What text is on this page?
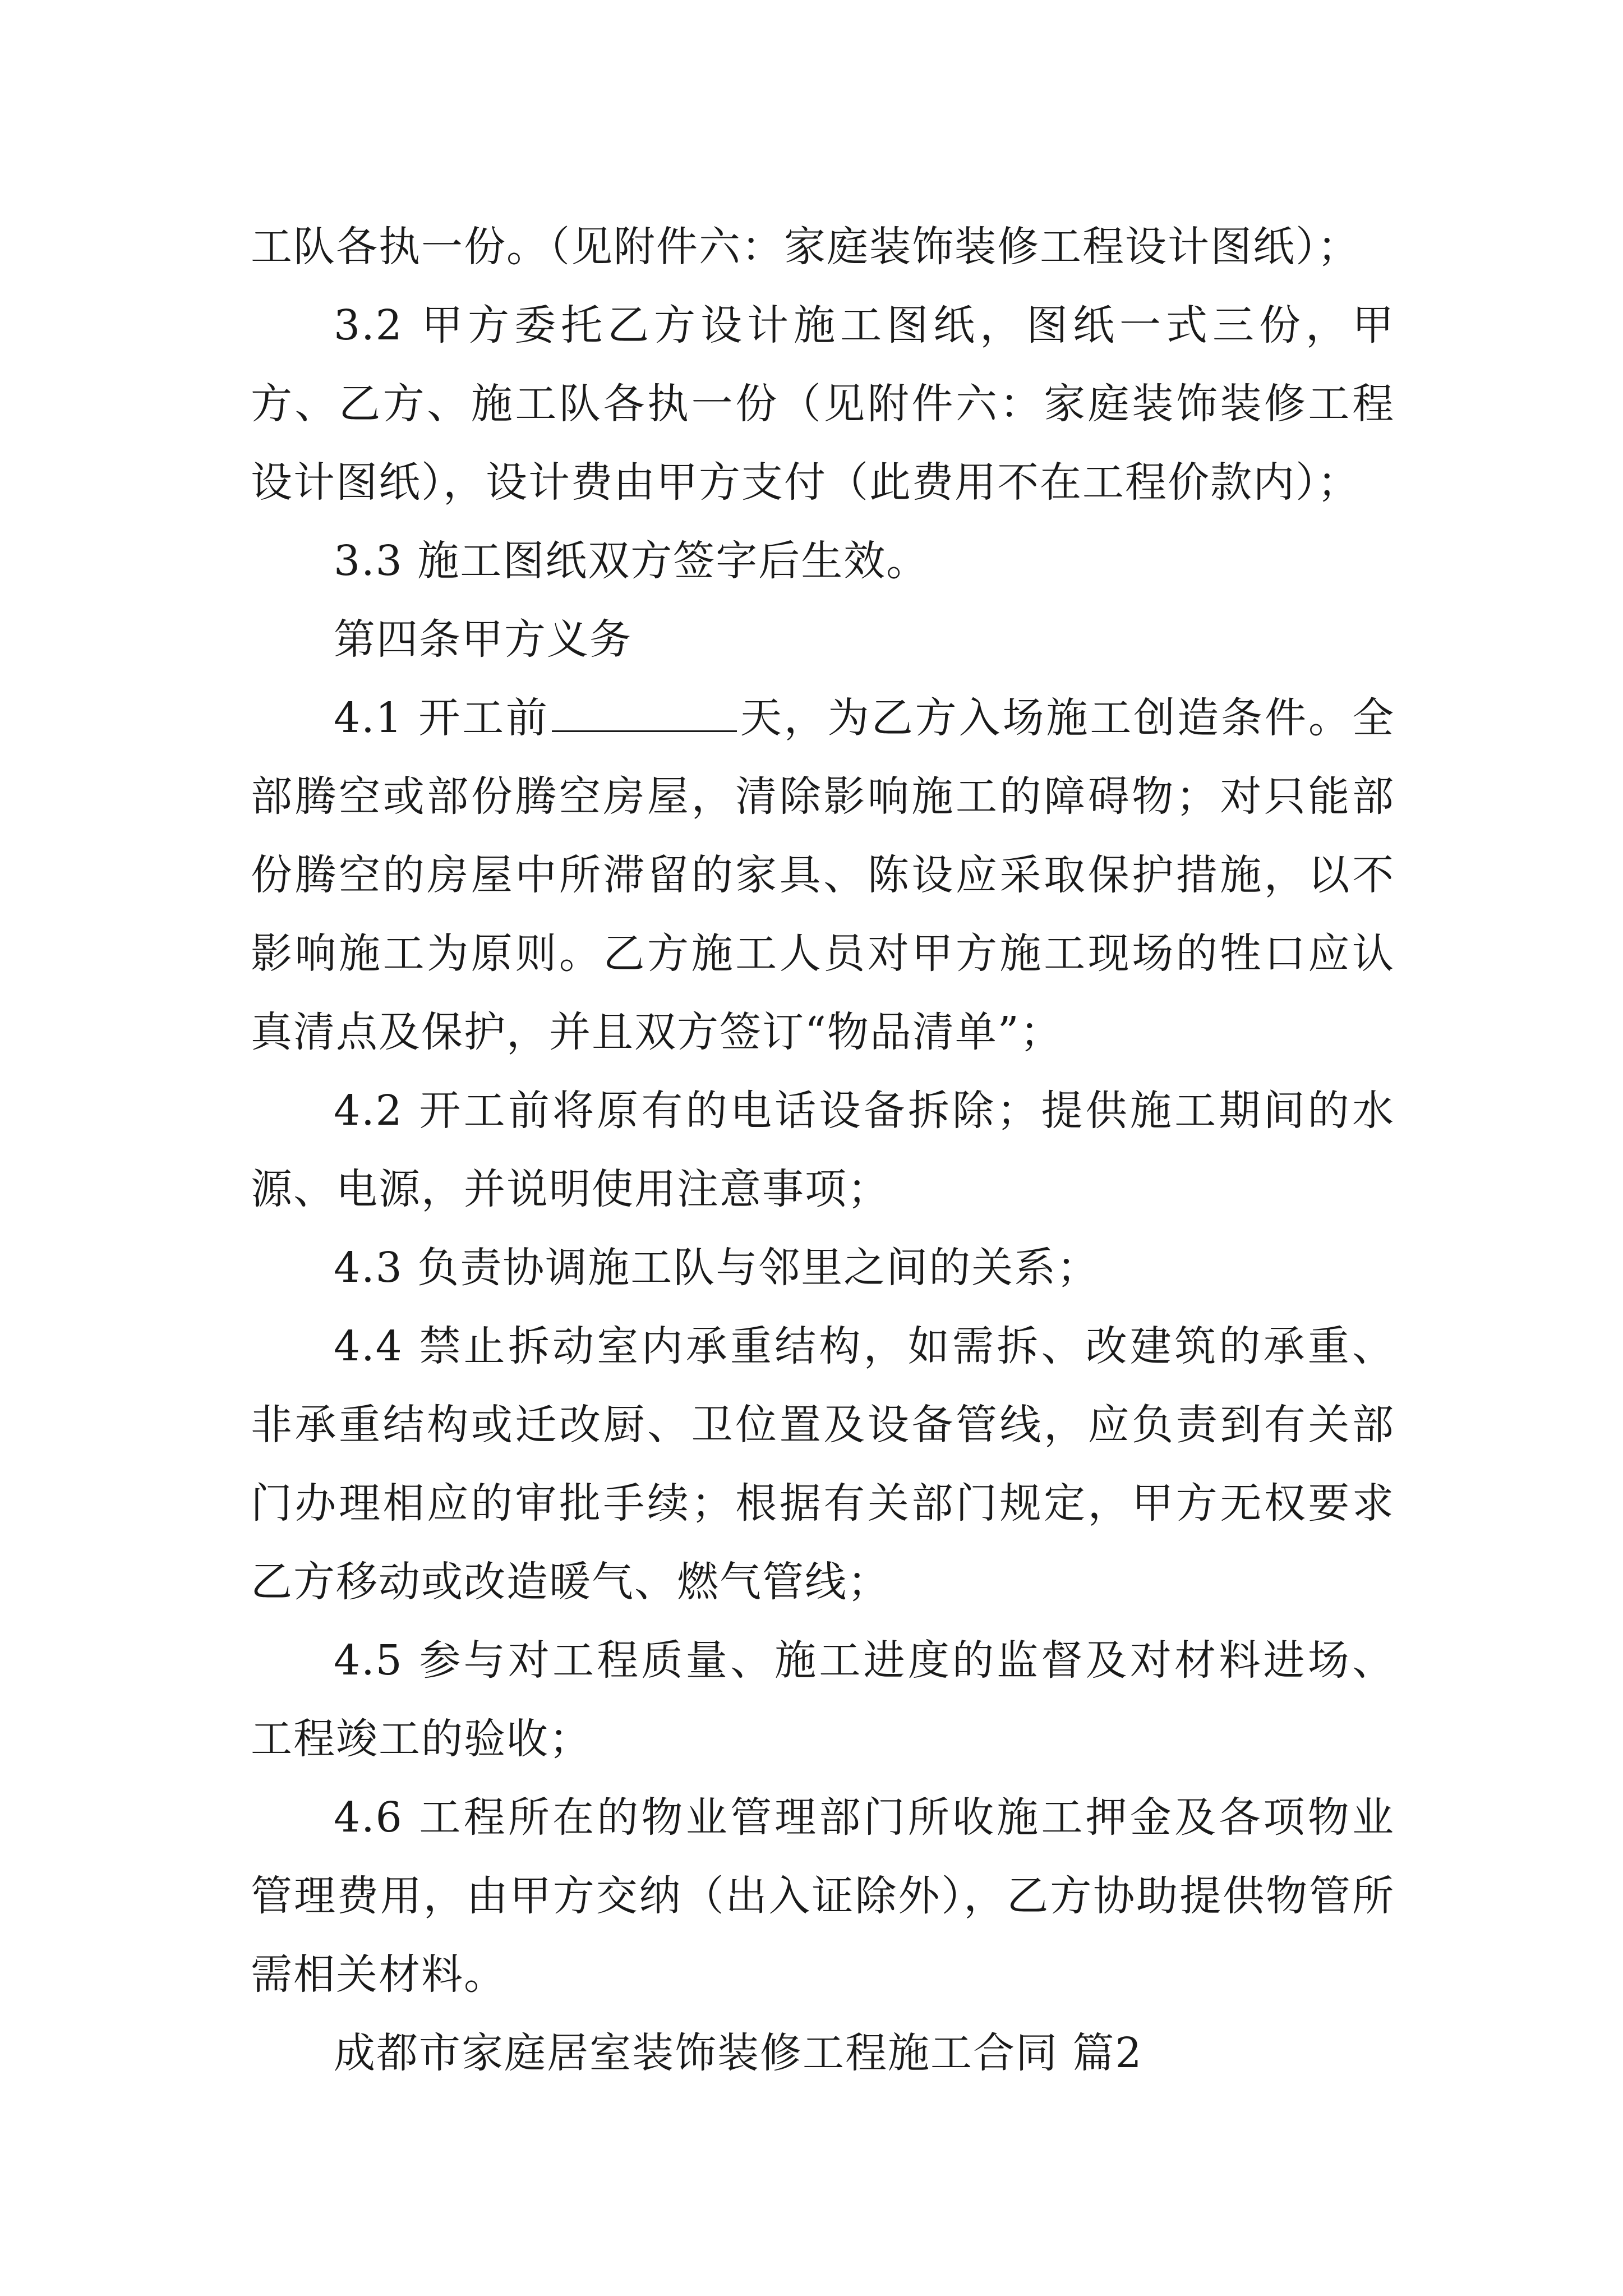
工队各执一份。（见附件六：家庭装饰装修工程设计图纸）；

3.2 甲方委托乙方设计施工图纸，图纸一式三份，甲方、乙方、施工队各执一份（见附件六：家庭装饰装修工程设计图纸），设计费由甲方支付（此费用不在工程价款内）；

3.3 施工图纸双方签字后生效。

第四条甲方义务

4.1 开工前	天，为乙方入场施工创造条件。全部腾空或部份腾空房屋，清除影响施工的障碍物；对只能部份腾空的房屋中所滞留的家具、陈设应采取保护措施，以不影响施工为原则。乙方施工人员对甲方施工现场的牲口应认真清点及保护，并且双方签订“物品清单”；

4.2 开工前将原有的电话设备拆除；提供施工期间的水源、电源，并说明使用注意事项；

4.3 负责协调施工队与邻里之间的关系；

4.4 禁止拆动室内承重结构，如需拆、改建筑的承重、非承重结构或迁改厨、卫位置及设备管线，应负责到有关部门办理相应的审批手续；根据有关部门规定，甲方无权要求乙方移动或改造暖气、燃气管线；

4.5 参与对工程质量、施工进度的监督及对材料进场、工程竣工的验收；

4.6 工程所在的物业管理部门所收施工押金及各项物业管理费用，由甲方交纳（出入证除外），乙方协助提供物管所需相关材料。

成都市家庭居室装饰装修工程施工合同 篇2
